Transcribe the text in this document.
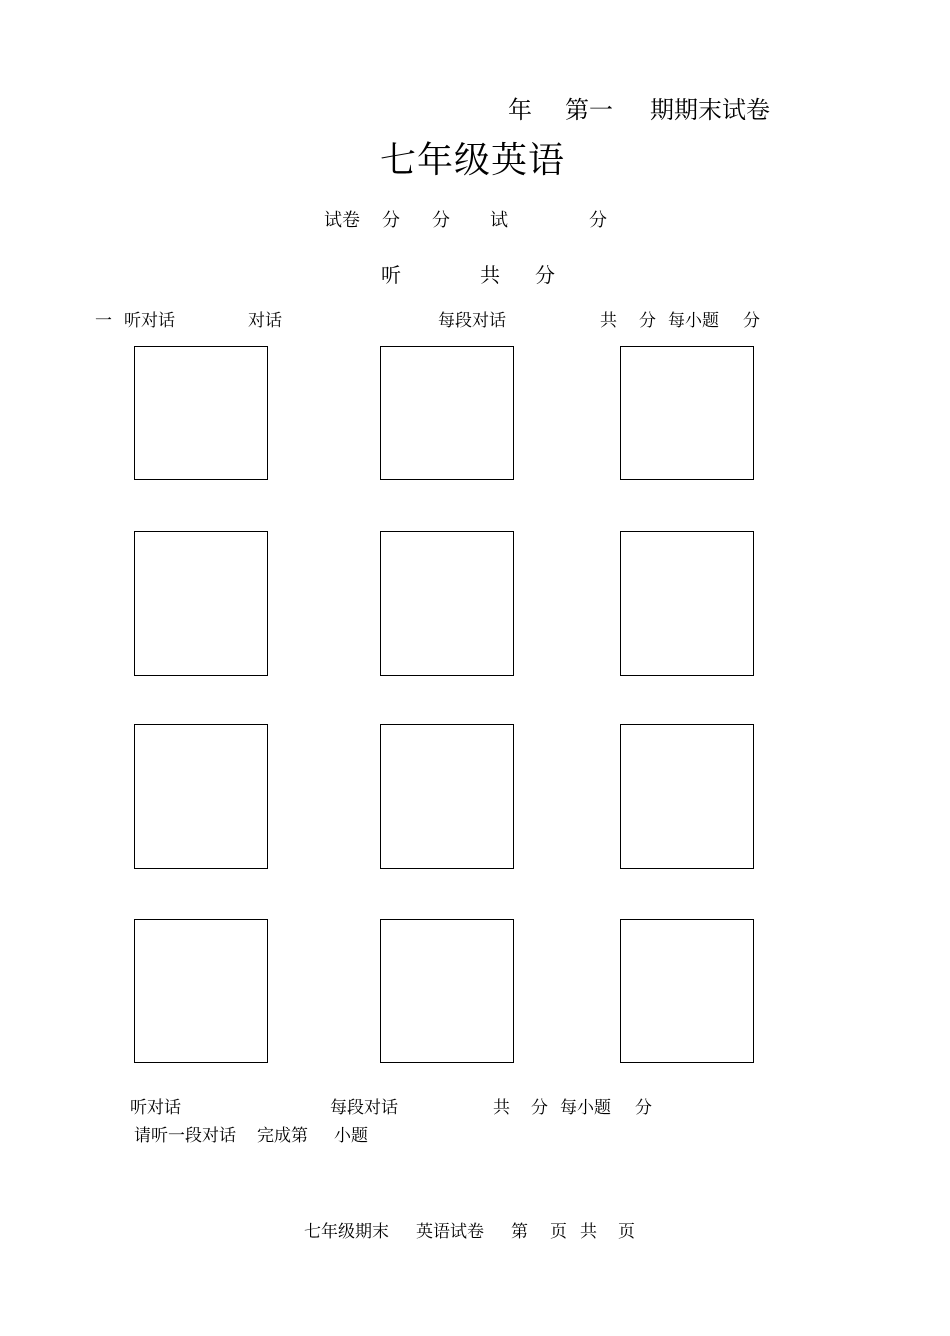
年 第一 期期末试卷
七年级英语
试卷 分 分 试	分
听	共 分
一 听对话	对话	每段对话	共 分 每小题 分
听对话	每段对话	共 分 每小题 分
请听一段对话 完成第 小题
七年级期末 英语试卷 第 页 共 页
